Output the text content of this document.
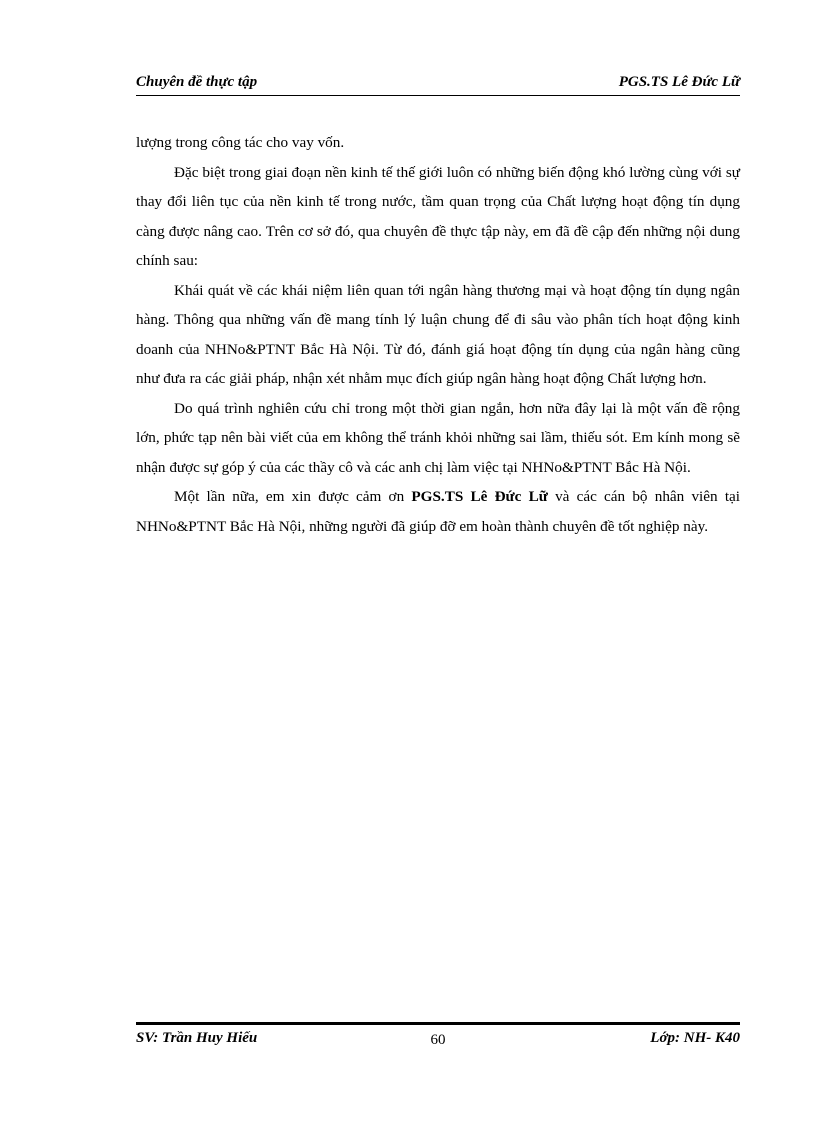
Chuyên đề thực tập	PGS.TS Lê Đức Lữ

lượng trong công tác cho vay vốn.

Đặc biệt trong giai đoạn nền kinh tế thế giới luôn có những biến động khó lường cùng với sự thay đổi liên tục của nền kinh tế trong nước, tầm quan trọng của Chất lượng hoạt động tín dụng càng được nâng cao. Trên cơ sở đó, qua chuyên đề thực tập này, em đã đề cập đến những nội dung chính sau:

Khái quát về các khái niệm liên quan tới ngân hàng thương mại và hoạt động tín dụng ngân hàng. Thông qua những vấn đề mang tính lý luận chung để đi sâu vào phân tích hoạt động kinh doanh của NHNo&PTNT Bắc Hà Nội. Từ đó, đánh giá hoạt động tín dụng của ngân hàng cũng như đưa ra các giải pháp, nhận xét nhằm mục đích giúp ngân hàng hoạt động Chất lượng hơn.

Do quá trình nghiên cứu chỉ trong một thời gian ngắn, hơn nữa đây lại là một vấn đề rộng lớn, phức tạp nên bài viết của em không thể tránh khỏi những sai lầm, thiếu sót. Em kính mong sẽ nhận được sự góp ý của các thầy cô và các anh chị làm việc tại NHNo&PTNT Bắc Hà Nội.

Một lần nữa, em xin được cảm ơn PGS.TS Lê Đức Lữ và các cán bộ nhân viên tại NHNo&PTNT Bắc Hà Nội, những người đã giúp đỡ em hoàn thành chuyên đề tốt nghiệp này.

SV: Trần Huy Hiếu	60	Lớp: NH- K40
